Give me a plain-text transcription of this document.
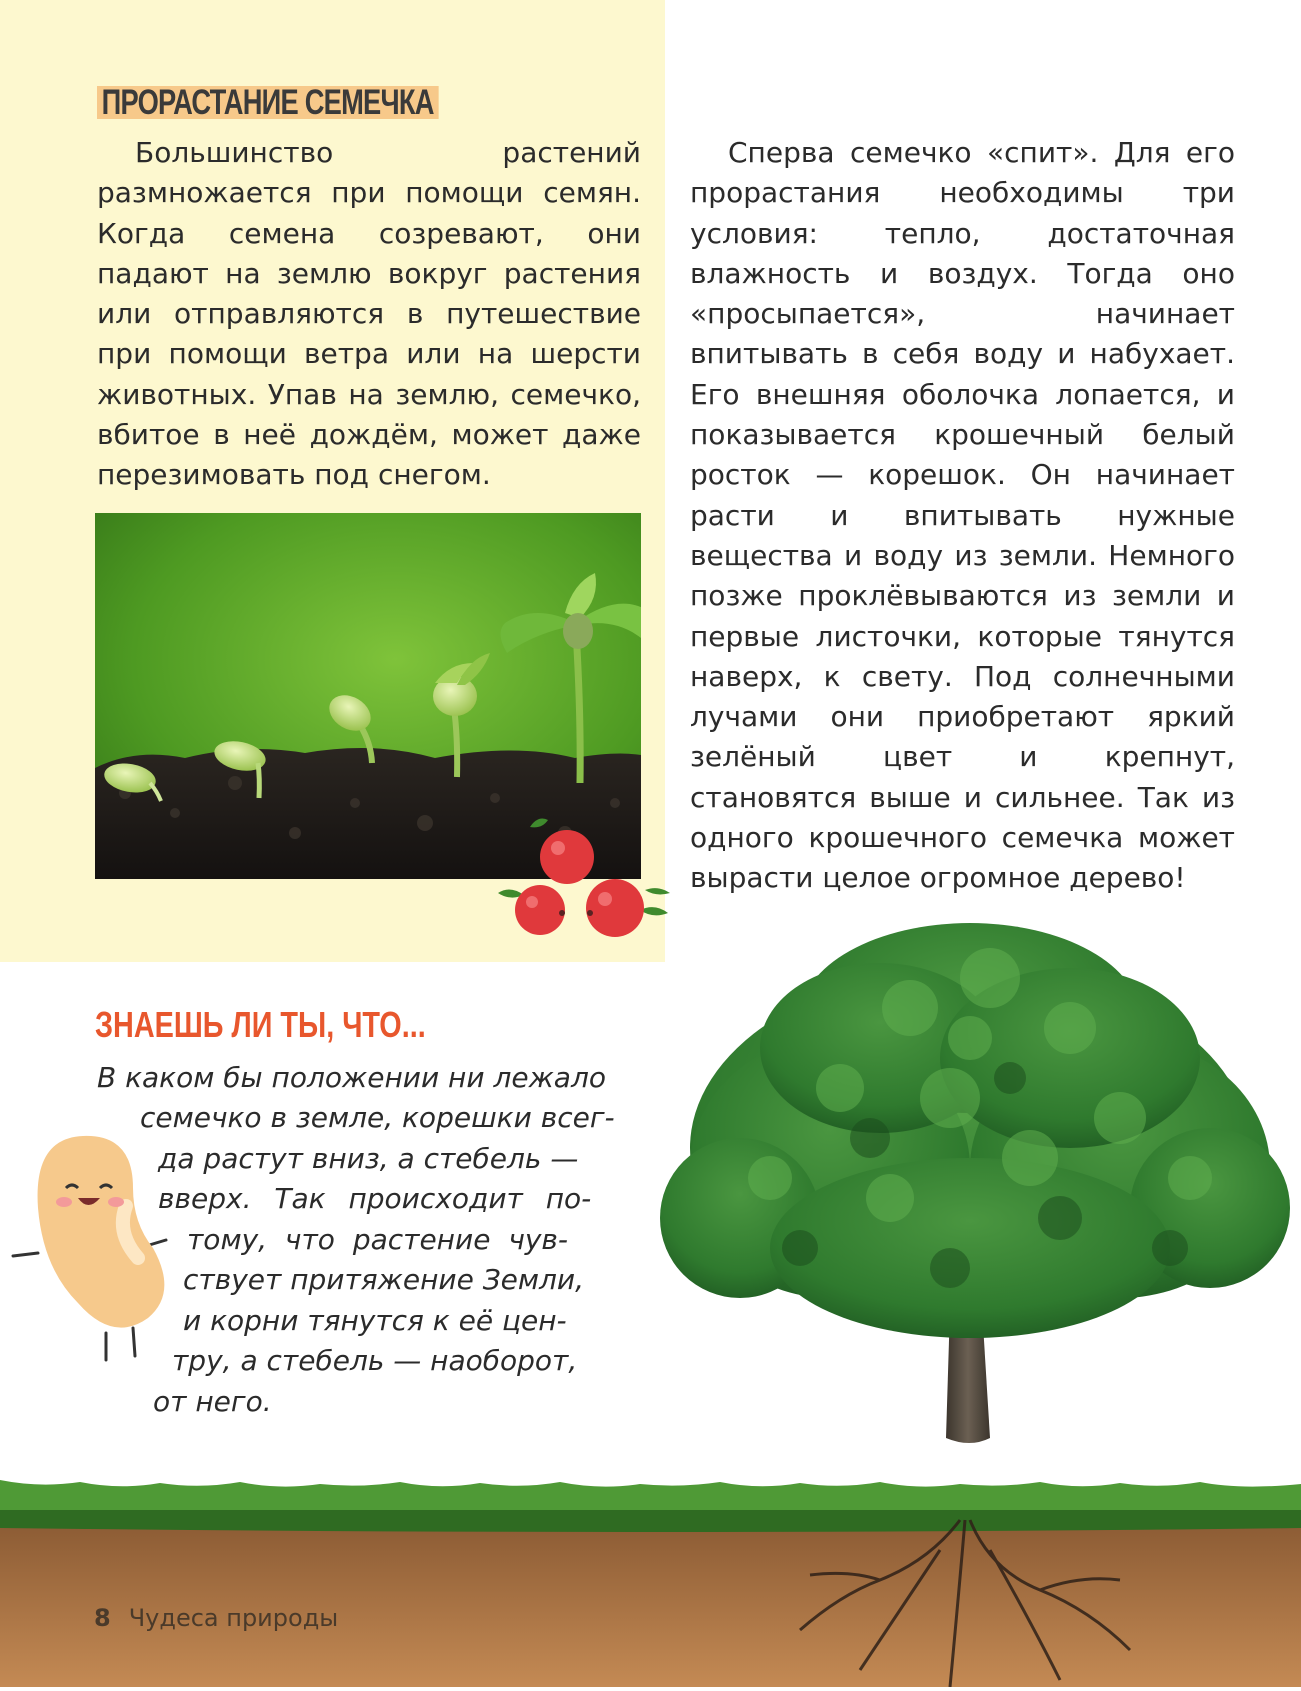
ПРОРАСТАНИЕ СЕМЕЧКА

Большинство растений размножается при помощи семян. Когда семена созревают, они падают на землю вокруг растения или отправляются в путешествие при помощи ветра или на шерсти животных. Упав на землю, семечко, вбитое в неё дождём, может даже перезимовать под снегом.

Сперва семечко «спит». Для его прорастания необходимы три условия: тепло, достаточная влажность и воздух. Тогда оно «просыпается», начинает впитывать в себя воду и набухает. Его внешняя оболочка лопается, и показывается крошечный белый росток — корешок. Он начинает расти и впитывать нужные вещества и воду из земли. Немного позже проклёвываются из земли и первые листочки, которые тянутся наверх, к свету. Под солнечными лучами они приобретают яркий зелёный цвет и крепнут, становятся выше и сильнее. Так из одного крошечного семечка может вырасти целое огромное дерево!

ЗНАЕШЬ ЛИ ТЫ, ЧТО...

В каком бы положении ни лежало

семечко в земле, корешки всег-

да растут вниз, а стебель —

вверх. Так происходит по-

тому, что растение чув-

ствует притяжение Земли,

и корни тянутся к её цен-

тру, а стебель — наоборот,

от него.

8 Чудеса природы
